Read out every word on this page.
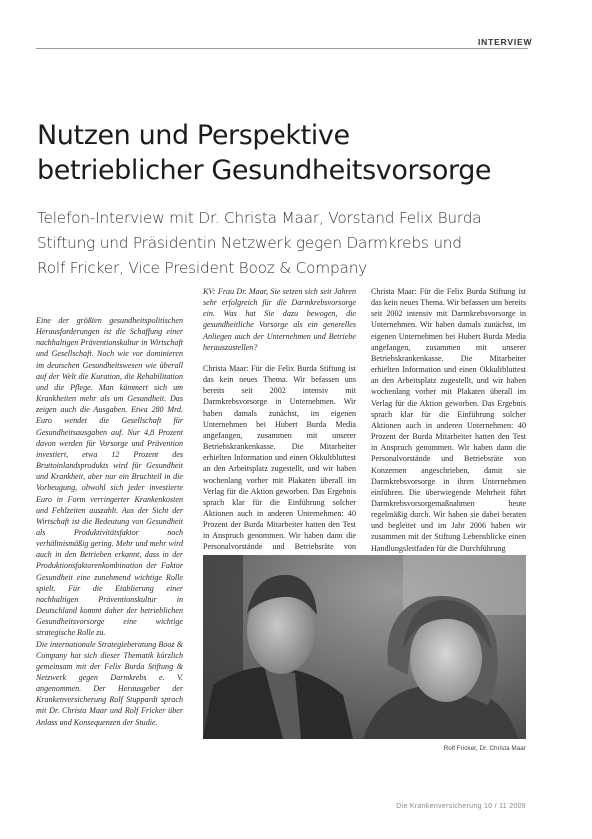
INTERVIEW
Nutzen und Perspektive
betrieblicher Gesundheitsvorsorge
Telefon-Interview mit Dr. Christa Maar, Vorstand Felix Burda
Stiftung und Präsidentin Netzwerk gegen Darmkrebs und
Rolf Fricker, Vice President Booz & Company

Eine der größten gesundheitspolitischen Herausforderungen ist die Schaffung einer nachhaltigen Präventionskultur in Wirtschaft und Gesellschaft. Noch wie vor dominieren im deutschen Gesundheitswesen wie überall auf der Welt die Kuration, die Rehabilitation und die Pflege. Man kümmert sich um Krankheiten mehr als um Gesundheit. Das zeigen auch die Ausgaben. Etwa 280 Mrd. Euro wendet die Gesellschaft für Gesundheitsausgaben auf. Nur 4,8 Prozent davon werden für Vorsorge und Prävention investiert, etwa 12 Prozent des Bruttoinlandsprodukts wird für Gesundheit und Krankheit, aber nur ein Bruchteil in die Vorbeugung, obwohl sich jeder investierte Euro in Form verringerter Krankenkosten und Fehlzeiten auszahlt. Aus der Sicht der Wirtschaft ist die Bedeutung von Gesundheit als Produktivitätsfaktor noch verhältnismäßig gering. Mehr und mehr wird auch in den Betrieben erkannt, dass in der Produktionsfaktorenkombination der Faktor Gesundheit eine zunehmend wichtige Rolle spielt. Für die Etablierung einer nachhaltigen Präventionskultur in Deutschland kommt daher der betrieblichen Gesundheitsvorsorge eine wichtige strategische Rolle zu.

Die internationale Strategieberatung Booz & Company hat sich dieser Thematik kürzlich gemeinsam mit der Felix Burda Stiftung & Netzwerk gegen Darmkrebs e. V. angenommen. Der Herausgeber der Krankenversicherung Rolf Stuppardt sprach mit Dr. Christa Maar und Rolf Fricker über Anlass und Konsequenzen der Studie.

KV: Frau Dr. Maar, Sie setzen sich seit Jahren sehr erfolgreich für die Darmkrebsvorsorge ein. Was hat Sie dazu bewogen, die gesundheitliche Vorsorge als ein generelles Anliegen auch der Unternehmen und Betriebe herauszustellen?

Christa Maar: Für die Felix Burda Stiftung ist das kein neues Thema. Wir befassen uns bereits seit 2002 intensiv mit Darmkrebsvorsorge in Unternehmen. Wir haben damals zunächst, im eigenen Unternehmen bei Hubert Burda Media angefangen, zusammen mit unserer Betriebskrankenkasse. Die Mitarbeiter erhielten Information und einen Okkultbluttest an den Arbeitsplatz zugestellt, und wir haben wochenlang vorher mit Plakaten überall im Verlag für die Aktion geworben. Das Ergebnis sprach klar für die Einführung solcher Aktionen auch in anderen Unternehmen: 40 Prozent der Burda Mitarbeiter hatten den Test in Anspruch genommen. Wir haben dann die Personalvorstände und Betriebsräte von

Christa Maar: Für die Felix Burda Stiftung ist das kein neues Thema. Wir befassen uns bereits seit 2002 intensiv mit Darmkrebsvorsorge in Unternehmen. Wir haben damals zunächst, im eigenen Unternehmen bei Hubert Burda Media angefangen, zusammen mit unserer Betriebskrankenkasse. Die Mitarbeiter erhielten Information und einen Okkultbluttest an den Arbeitsplatz zugestellt, und wir haben wochenlang vorher mit Plakaten überall im Verlag für die Aktion geworben. Das Ergebnis sprach klar für die Einführung solcher Aktionen auch in anderen Unternehmen: 40 Prozent der Burda Mitarbeiter hatten den Test in Anspruch genommen. Wir haben dann die Personalvorstände und Betriebsräte von Konzernen angeschrieben, damit sie Darmkrebsvorsorge in ihren Unternehmen einführen. Die überwiegende Mehrheit führt Darmkrebsvorsorgemaßnahmen heute regelmäßig durch. Wir haben sie dabei beraten und begleitet und im Jahr 2006 haben wir zusammen mit der Stiftung Lebensblicke einen Handlungsleitfaden für die Durchführung

Rolf Fricker, Dr. Christa Maar
Die Krankenversicherung 10 / 11 2009
